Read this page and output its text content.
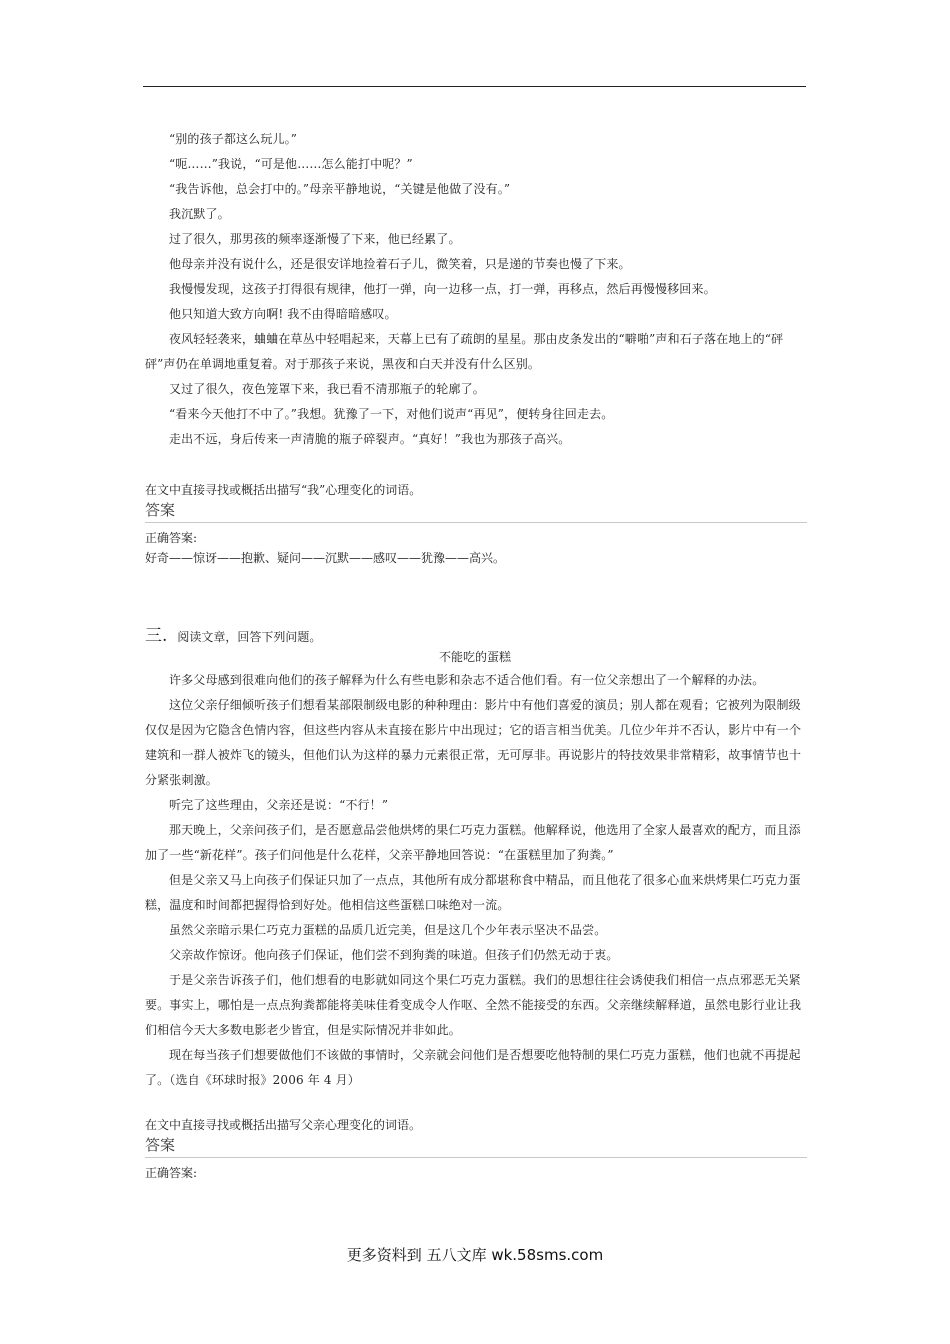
“别的孩子都这么玩儿。”

“呃……”我说，“可是他……怎么能打中呢？”

“我告诉他，总会打中的。”母亲平静地说，“关键是他做了没有。”

我沉默了。

过了很久，那男孩的频率逐渐慢了下来，他已经累了。

他母亲并没有说什么，还是很安详地捡着石子儿，微笑着，只是递的节奏也慢了下来。

我慢慢发现，这孩子打得很有规律，他打一弹，向一边移一点，打一弹，再移点，然后再慢慢移回来。

他只知道大致方向啊! 我不由得暗暗感叹。

夜风轻轻袭来，蛐蛐在草丛中轻唱起来，天幕上已有了疏朗的星星。那由皮条发出的“噼啪”声和石子落在地上的“砰砰”声仍在单调地重复着。对于那孩子来说，黑夜和白天并没有什么区别。

又过了很久，夜色笼罩下来，我已看不清那瓶子的轮廓了。

“看来今天他打不中了。”我想。犹豫了一下，对他们说声“再见”，便转身往回走去。

走出不远，身后传来一声清脆的瓶子碎裂声。“真好！”我也为那孩子高兴。

在文中直接寻找或概括出描写“我”心理变化的词语。

答案

正确答案:

好奇——惊讶——抱歉、疑问——沉默——感叹——犹豫——高兴。

三. 阅读文章，回答下列问题。

不能吃的蛋糕

许多父母感到很难向他们的孩子解释为什么有些电影和杂志不适合他们看。有一位父亲想出了一个解释的办法。

这位父亲仔细倾听孩子们想看某部限制级电影的种种理由：影片中有他们喜爱的演员；别人都在观看；它被列为限制级仅仅是因为它隐含色情内容，但这些内容从未直接在影片中出现过；它的语言相当优美。几位少年并不否认，影片中有一个建筑和一群人被炸飞的镜头，但他们认为这样的暴力元素很正常，无可厚非。再说影片的特技效果非常精彩，故事情节也十分紧张刺激。

听完了这些理由，父亲还是说：“不行！”

那天晚上，父亲问孩子们，是否愿意品尝他烘烤的果仁巧克力蛋糕。他解释说，他选用了全家人最喜欢的配方，而且添加了一些“新花样”。孩子们问他是什么花样，父亲平静地回答说：“在蛋糕里加了狗粪。”

但是父亲又马上向孩子们保证只加了一点点，其他所有成分都堪称食中精品，而且他花了很多心血来烘烤果仁巧克力蛋糕，温度和时间都把握得恰到好处。他相信这些蛋糕口味绝对一流。

虽然父亲暗示果仁巧克力蛋糕的品质几近完美，但是这几个少年表示坚决不品尝。

父亲故作惊讶。他向孩子们保证，他们尝不到狗粪的味道。但孩子们仍然无动于衷。

于是父亲告诉孩子们，他们想看的电影就如同这个果仁巧克力蛋糕。我们的思想往往会诱使我们相信一点点邪恶无关紧要。事实上，哪怕是一点点狗粪都能将美味佳肴变成令人作呕、全然不能接受的东西。父亲继续解释道，虽然电影行业让我们相信今天大多数电影老少皆宜，但是实际情况并非如此。

现在每当孩子们想要做他们不该做的事情时，父亲就会问他们是否想要吃他特制的果仁巧克力蛋糕，他们也就不再提起了。（选自《环球时报》2006 年 4 月）

在文中直接寻找或概括出描写父亲心理变化的词语。

答案

正确答案:

更多资料到 五八文库 wk.58sms.com
